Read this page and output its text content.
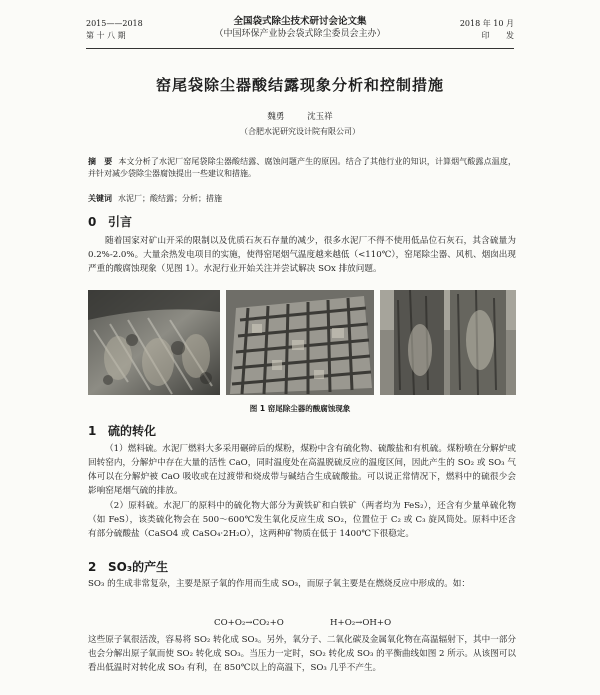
2015——2018
第 十 八 期
全国袋式除尘技术研讨会论文集
（中国环保产业协会袋式除尘委员会主办）
2018 年 10 月
印 发
窑尾袋除尘器酸结露现象分析和控制措施
魏勇 沈玉祥
（合肥水泥研究设计院有限公司）
摘　要 本文分析了水泥厂窑尾袋除尘器酸结露、腐蚀问题产生的原因。结合了其他行业的知识，计算烟气酸露点温度，并针对减少袋除尘器腐蚀提出一些建议和措施。
关键词 水泥厂；酸结露；分析；措施
0 引言
随着国家对矿山开采的限制以及优质石灰石存量的减少，很多水泥厂不得不使用低品位石灰石，其含硫量为0.2%-2.0%。大量余热发电项目的实施，使得窑尾烟气温度越来越低（<110℃），窑尾除尘器、风机、烟囱出现严重的酸腐蚀现象（见图 1）。水泥行业开始关注并尝试解决 SOx 排放问题。
图 1 窑尾除尘器的酸腐蚀现象
1 硫的转化
（1）燃料硫。水泥厂燃料大多采用碾碎后的煤粉，煤粉中含有硫化物、硫酸盐和有机硫。煤粉喷在分解炉或回转窑内，分解炉中存在大量的活性 CaO，同时温度处在高温脱硫反应的温度区间，因此产生的 SO₂ 或 SO₃ 气体可以在分解炉被 CaO 吸收或在过渡带和烧成带与碱结合生成硫酸盐。可以说正常情况下，燃料中的硫很少会影响窑尾烟气硫的排放。
（2）原料硫。水泥厂的原料中的硫化物大部分为黄铁矿和白铁矿（两者均为 FeS₂），还含有少量单硫化物（如 FeS），该类硫化物会在 500～600℃发生氧化反应生成 SO₂，位置位于 C₂ 或 C₃ 旋风筒处。原料中还含有部分硫酸盐（CaSO4 或 CaSO₄·2H₂O），这两种矿物质在低于 1400℃下很稳定。
2 SO₃的产生
SO₃ 的生成非常复杂，主要是原子氧的作用而生成 SO₃，而原子氧主要是在燃烧反应中形成的。如：
CO+O₂→CO₂+O	H+O₂→OH+O
这些原子氧很活泼，容易将 SO₂ 转化成 SO₃。另外，氧分子、二氧化碳及金属氧化物在高温辐射下，其中一部分也会分解出原子氧而使 SO₂ 转化成 SO₃。当压力一定时，SO₂ 转化成 SO₃ 的平衡曲线如图 2 所示。从该图可以看出低温时对转化成 SO₃ 有利，在 850℃以上的高温下，SO₃ 几乎不产生。
